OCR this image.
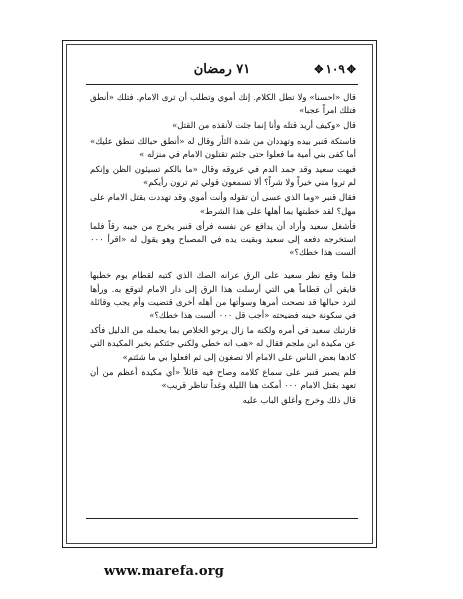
✥١٠٩✥
٧١ رمضان

قال «احسنا» ولا تطل الكلام. إنك أموي وتطلب أن ترى الامام. فتلك «أنطق فتلك امراً عجبا»

قال «وكيف أريد قتله وأنا إنما جئت لأنقذه من القتل»

فاستكة قنبر بيده وتهددان من شدة الثأر وقال له «أنطق حبالك تنطق عليك» أما كفى بني أمية ما فعلوا حتى جئتم تقتلون الامام في منزله »

فبهت سعيد وقد جمد الدم في عروقه وقال «ما بالكم تسيئون الظن وإنكم لم تروا مني خيراً ولا شراً؟ ألا تسمعون قولي ثم ترون رأيكم»

فقال قنبر «وما الذي عسى أن تقوله وأنت أموي وقد تهددت بقتل الامام على مهل؟ لقد خطبتها بما أهلها على هذا الشرط»

فأشغل سعيد وأراد أن يدافع عن نفسه فرأى قنبر يخرج من جيبه رقاً فلما استخرجه دفعه إلى سعيد وبقيت يده في المصباح وهو يقول له «اقرأ ٠٠٠ ألست هذا خطك؟»

فلما وقع نظر سعيد على الرق عرانه الصك الذي كتبه لقطام يوم خطبها فايقن أن قطاماً هي التي أرسلت هذا الرق إلى دار الامام لتوقع به. ورأها لترد حبالها قد نصحت أمرها وسوأتها من أهله أخرى قتضيت وأم يجب وقائلة في سكونة حينه فضيحته «أجب قل ٠٠٠ ألست هذا خطك؟»

فارتبك سعيد في أمره ولكنه ما زال يرجو الخلاص بما يحمله من الدليل فأكد عن مكيدة ابن ملجم فقال له «هب انه خطي ولكني جئتكم بخبر المكيدة التي كادها بعض الناس على الامام ألا تصغون إلى ثم افعلوا بي ما شئتم»

فلم يصبر قنبر على سماع كلامه وصاح فيه قائلاً «أي مكيدة أعظم من أن تعهد بقتل الامام ٠٠٠ أمكث هنا الليلة وغداً تناظر قريب»

قال ذلك وخرج وأغلق الباب عليه

www.marefa.org
